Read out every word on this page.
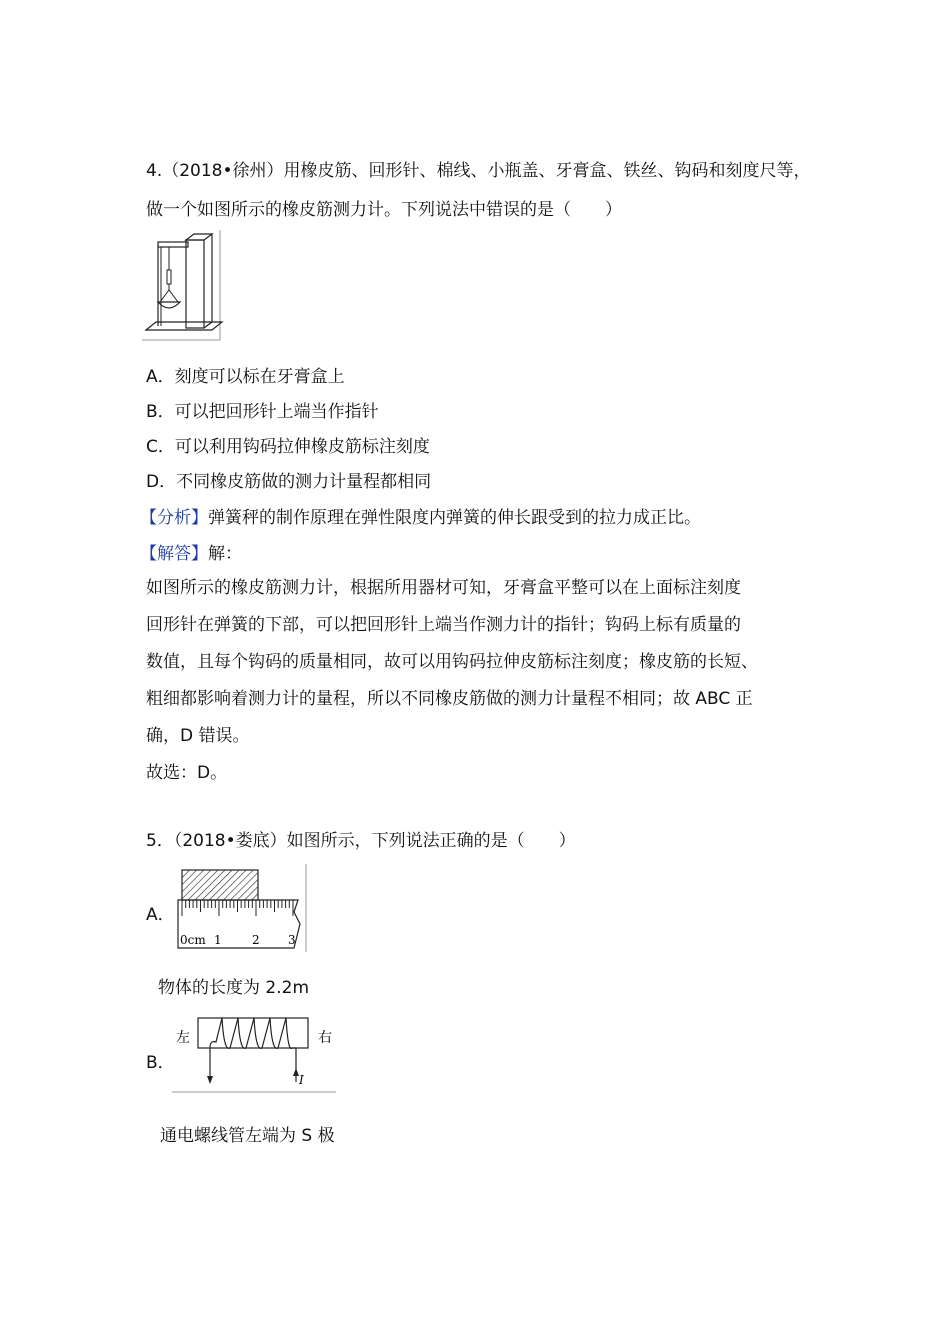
4.（2018•徐州）用橡皮筋、回形针、棉线、小瓶盖、牙膏盒、铁丝、钩码和刻度尺等，
做一个如图所示的橡皮筋测力计。下列说法中错误的是（　　）
A．刻度可以标在牙膏盒上
B．可以把回形针上端当作指针
C．可以利用钩码拉伸橡皮筋标注刻度
D．不同橡皮筋做的测力计量程都相同
【分析】弹簧秤的制作原理在弹性限度内弹簧的伸长跟受到的拉力成正比。
【解答】解：
如图所示的橡皮筋测力计，根据所用器材可知，牙膏盒平整可以在上面标注刻度
回形针在弹簧的下部，可以把回形针上端当作测力计的指针；钩码上标有质量的
数值，且每个钩码的质量相同，故可以用钩码拉伸皮筋标注刻度；橡皮筋的长短、
粗细都影响着测力计的量程，所以不同橡皮筋做的测力计量程不相同；故 ABC 正
确，D 错误。
故选：D。
5．（2018•娄底）如图所示，下列说法正确的是（　　）
A．
0cm 1	2 3
物体的长度为 2.2m
B．
左	右
I
通电螺线管左端为 S 极
